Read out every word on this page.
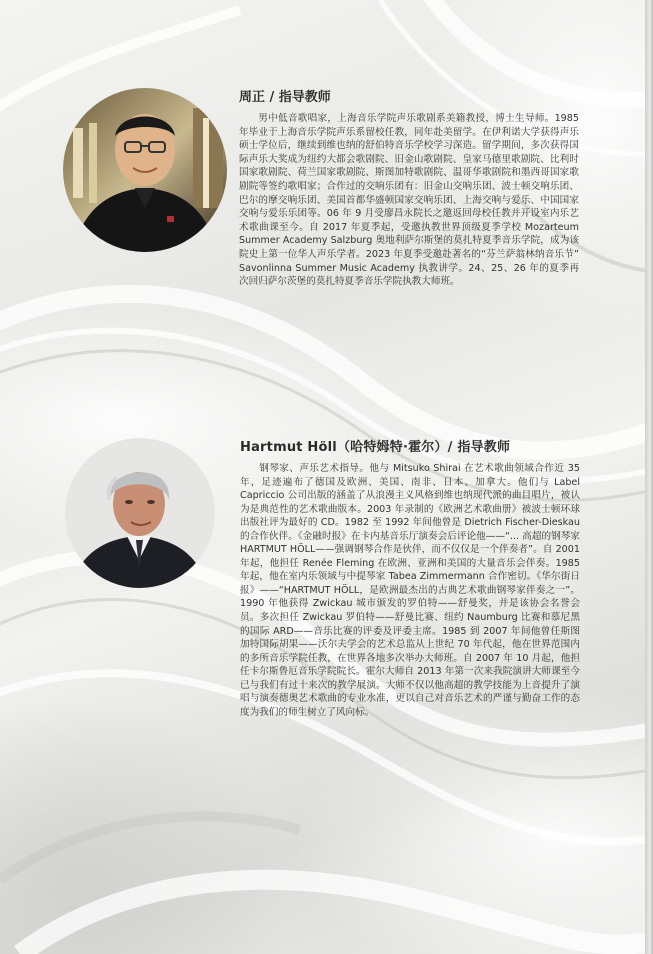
周正 / 指导教师

男中低音歌唱家，上海音乐学院声乐歌剧系美籍教授，博士生导师。1985 年毕业于上海音乐学院声乐系留校任教，同年赴美留学。在伊利诺大学获得声乐硕士学位后，继续到维也纳的舒伯特音乐学校学习深造。留学期间，多次获得国际声乐大奖成为纽约大都会歌剧院、旧金山歌剧院、皇家马德里歌剧院、比利时国家歌剧院、荷兰国家歌剧院、斯图加特歌剧院、温哥华歌剧院和墨西哥国家歌剧院等签约歌唱家；合作过的交响乐团有：旧金山交响乐团、波士顿交响乐团、巴尔的摩交响乐团、美国首都华盛顿国家交响乐团、上海交响与爱乐、中国国家交响与爱乐乐团等。06 年 9 月受廖昌永院长之邀返回母校任教并开设室内乐艺术歌曲课至今。自 2017 年夏季起，受邀执教世界顶级夏季学校 Mozarteum Summer Academy Salzburg 奥地利萨尔斯堡的莫扎特夏季音乐学院，成为该院史上第一位华人声乐学者。2023 年夏季受邀赴著名的“芬兰萨翁林纳音乐节” Savonlinna Summer Music Academy 执教讲学。24、25、26 年的夏季再次回归萨尔茨堡的莫扎特夏季音乐学院执教大师班。

Hartmut Höll（哈特姆特·霍尔）/ 指导教师

钢琴家、声乐艺术指导。他与 Mitsuko Shirai 在艺术歌曲领域合作近 35 年，足迹遍布了德国及欧洲、美国、南非、日本、加拿大。他们与 Label Capriccio 公司出版的涵盖了从浪漫主义风格到维也纳现代派的曲目唱片，被认为是典范性的艺术歌曲版本。2003 年录制的《欧洲艺术歌曲册》被波士顿环球出版社评为最好的 CD。1982 至 1992 年间他曾是 Dietrich Fischer-Dieskau 的合作伙伴。《金融时报》在卡内基音乐厅演奏会后评论他——“... 高超的钢琴家 HARTMUT HÖLL——强调钢琴合作是伙伴，而不仅仅是一个伴奏者”。自 2001 年起，他担任 Renée Fleming 在欧洲、亚洲和美国的大量音乐会伴奏。1985 年起，他在室内乐领域与中提琴家 Tabea Zimmermann 合作密切。《华尔街日报》——“HARTMUT HÖLL，是欧洲最杰出的古典艺术歌曲钢琴家伴奏之一”。1990 年他获得 Zwickau 城市颁发的罗伯特——舒曼奖，并是该协会名誉会员。多次担任 Zwickau 罗伯特——舒曼比赛、纽约 Naumburg 比赛和慕尼黑的国际 ARD——音乐比赛的评委及评委主席。1985 到 2007 年间他曾任斯图加特国际胡果——沃尔夫学会的艺术总监从上世纪 70 年代起，他在世界范围内的多所音乐学院任教，在世界各地多次举办大师班。自 2007 年 10 月起，他担任卡尔斯鲁厄音乐学院院长。霍尔大师自 2013 年第一次来我院演讲大师课至今已与我们有过十来次的教学展演。大师不仅以他高超的教学技能为上音提升了演唱与演奏德奥艺术歌曲的专业水准，更以自己对音乐艺术的严谨与勤奋工作的态度为我们的师生树立了风向标。
